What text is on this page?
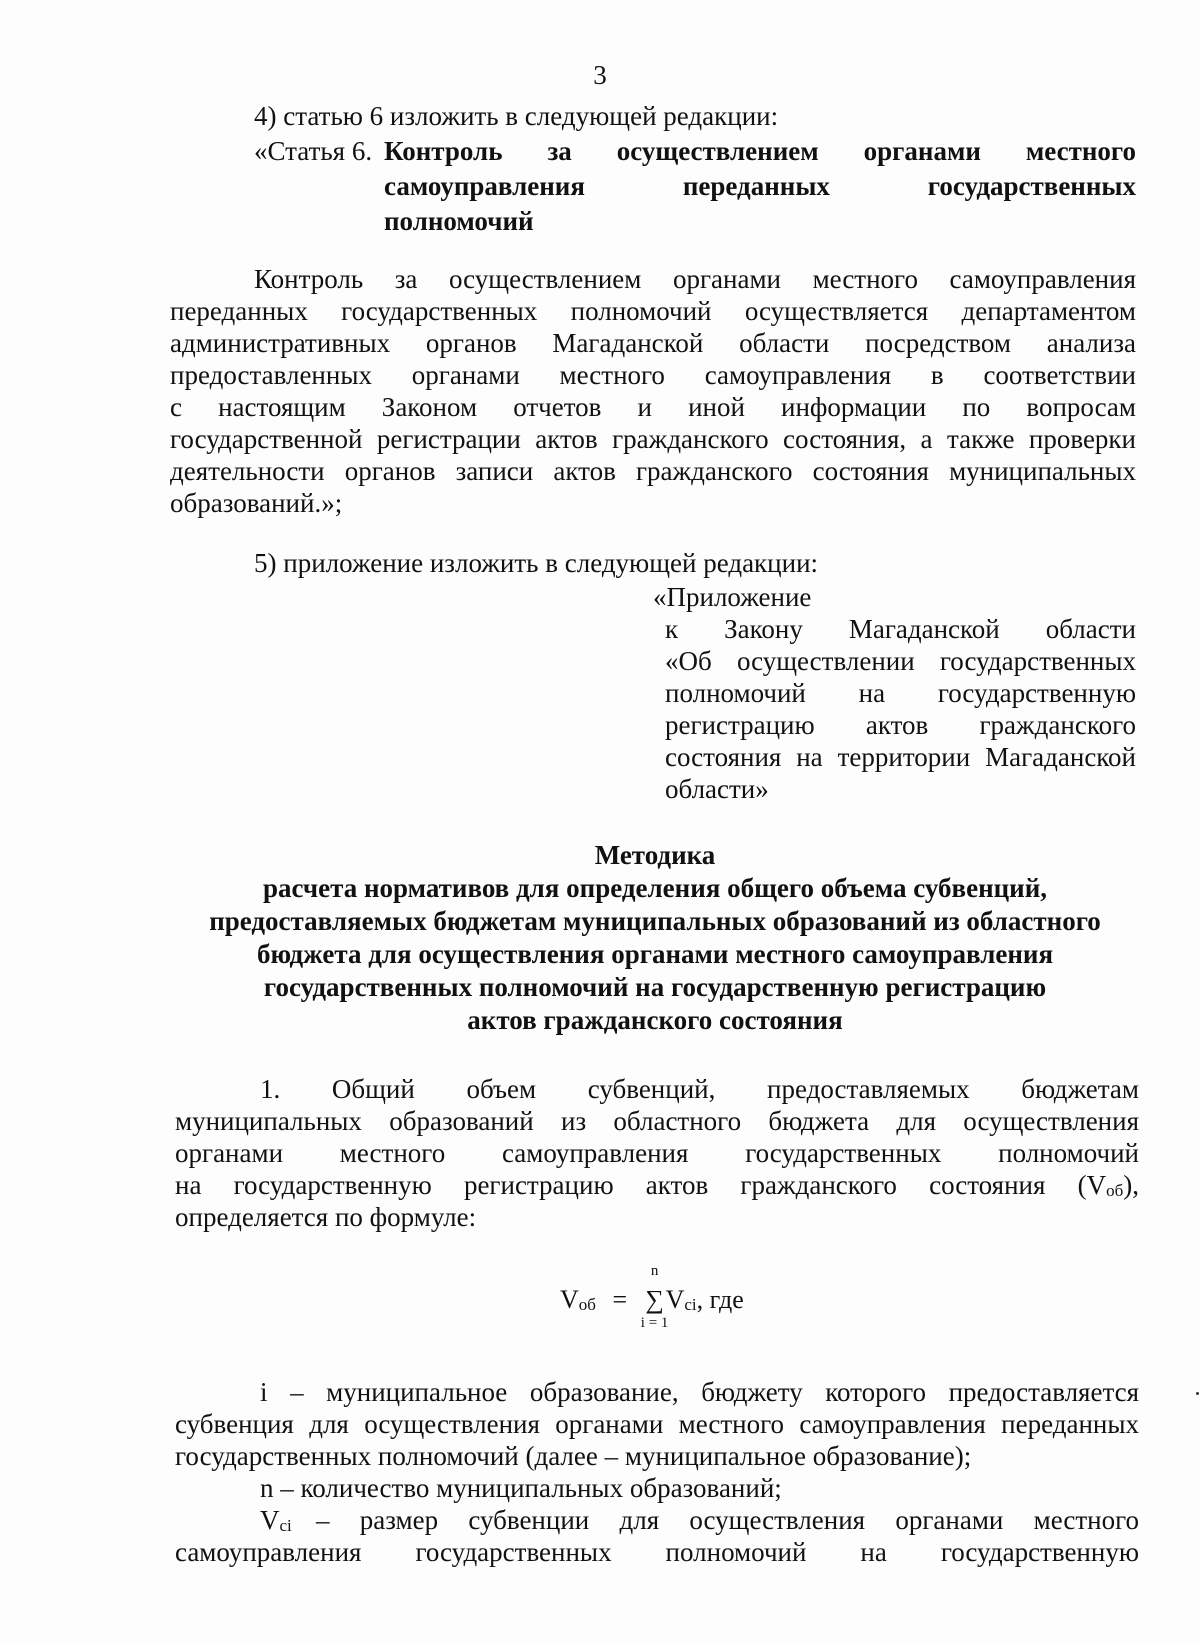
3
4) статью 6 изложить в следующей редакции:
«Статья 6. Контроль за осуществлением органами местного
самоуправления переданных государственных
полномочий
Контроль за осуществлением органами местного самоуправления
переданных государственных полномочий осуществляется департаментом
административных органов Магаданской области посредством анализа
предоставленных органами местного самоуправления в соответствии
с настоящим Законом отчетов и иной информации по вопросам
государственной регистрации актов гражданского состояния, а также проверки
деятельности органов записи актов гражданского состояния муниципальных
образований.»;
5) приложение изложить в следующей редакции:
«Приложение
к Закону Магаданской области
«Об осуществлении государственных
полномочий на государственную
регистрацию актов гражданского
состояния на территории Магаданской
области»
Методика
расчета нормативов для определения общего объема субвенций,
предоставляемых бюджетам муниципальных образований из областного
бюджета для осуществления органами местного самоуправления
государственных полномочий на государственную регистрацию
актов гражданского состояния
1. Общий объем субвенций, предоставляемых бюджетам
муниципальных образований из областного бюджета для осуществления
органами местного самоуправления государственных полномочий
на государственную регистрацию актов гражданского состояния (Vоб),
определяется по формуле:
Vоб =
n
∑
i = 1
Vci, где
i – муниципальное образование, бюджету которого предоставляется
субвенция для осуществления органами местного самоуправления переданных
государственных полномочий (далее – муниципальное образование);
n – количество муниципальных образований;
Vci – размер субвенции для осуществления органами местного
самоуправления государственных полномочий на государственную
